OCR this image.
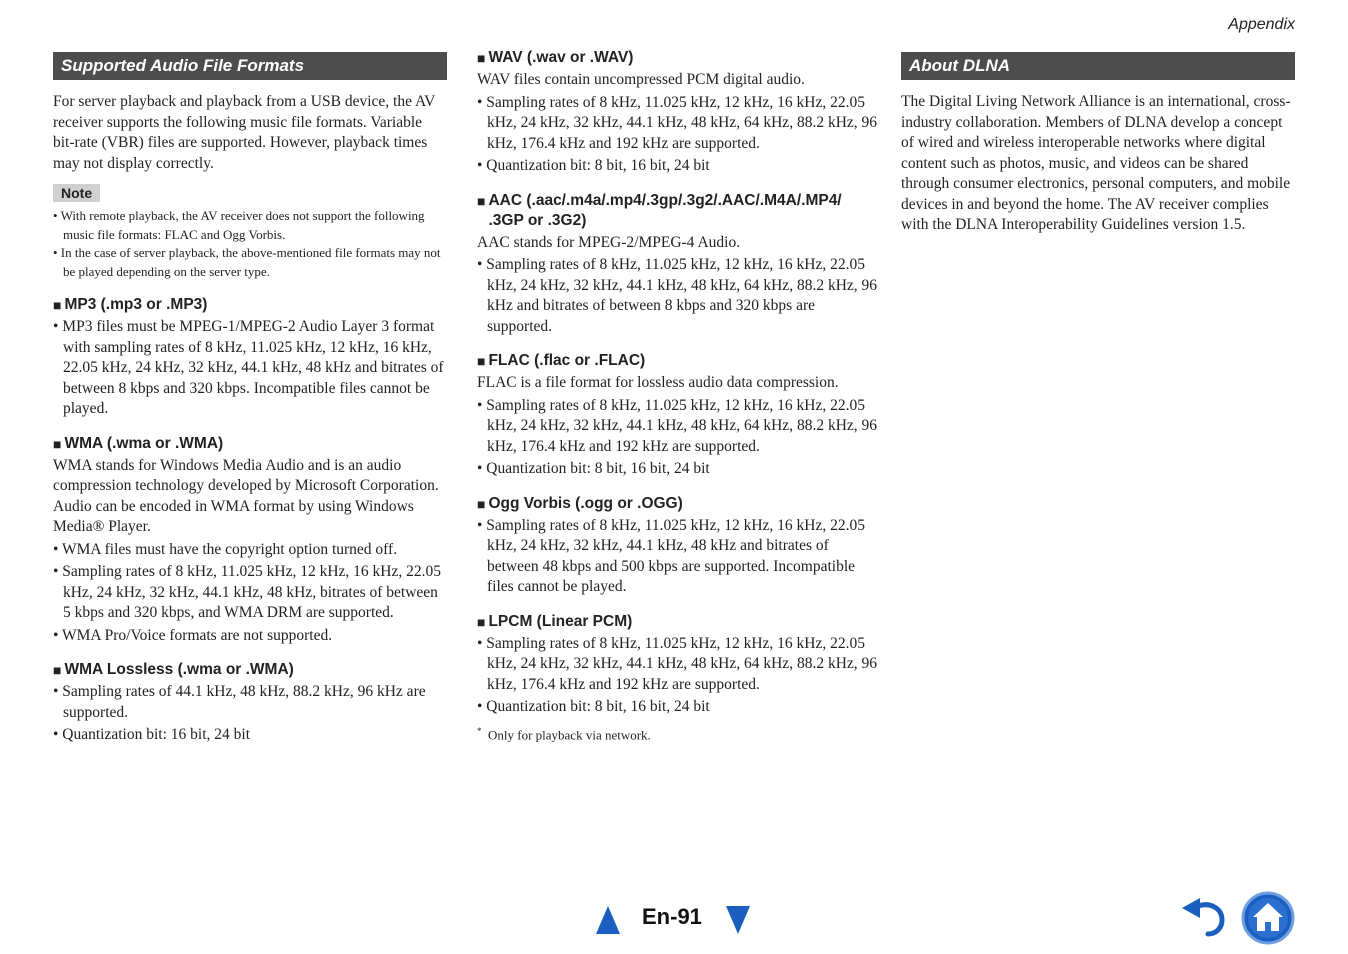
Appendix
Supported Audio File Formats

For server playback and playback from a USB device, the AV receiver supports the following music file formats. Variable bit-rate (VBR) files are supported. However, playback times may not display correctly.

Note
• With remote playback, the AV receiver does not support the following music file formats: FLAC and Ogg Vorbis.
• In the case of server playback, the above-mentioned file formats may not be played depending on the server type.
■ MP3 (.mp3 or .MP3)
• MP3 files must be MPEG-1/MPEG-2 Audio Layer 3 format with sampling rates of 8 kHz, 11.025 kHz, 12 kHz, 16 kHz, 22.05 kHz, 24 kHz, 32 kHz, 44.1 kHz, 48 kHz and bitrates of between 8 kbps and 320 kbps. Incompatible files cannot be played.
■ WMA (.wma or .WMA)

WMA stands for Windows Media Audio and is an audio compression technology developed by Microsoft Corporation. Audio can be encoded in WMA format by using Windows Media® Player.

• WMA files must have the copyright option turned off.
• Sampling rates of 8 kHz, 11.025 kHz, 12 kHz, 16 kHz, 22.05 kHz, 24 kHz, 32 kHz, 44.1 kHz, 48 kHz, bitrates of between 5 kbps and 320 kbps, and WMA DRM are supported.
• WMA Pro/Voice formats are not supported.
■ WMA Lossless (.wma or .WMA)
• Sampling rates of 44.1 kHz, 48 kHz, 88.2 kHz, 96 kHz are supported.
• Quantization bit: 16 bit, 24 bit
■ WAV (.wav or .WAV)

WAV files contain uncompressed PCM digital audio.

• Sampling rates of 8 kHz, 11.025 kHz, 12 kHz, 16 kHz, 22.05 kHz, 24 kHz, 32 kHz, 44.1 kHz, 48 kHz, 64 kHz, 88.2 kHz, 96 kHz, 176.4 kHz and 192 kHz are supported.
• Quantization bit: 8 bit, 16 bit, 24 bit
■ AAC (.aac/.m4a/.mp4/.3gp/.3g2/.AAC/.M4A/.MP4/ .3GP or .3G2)

AAC stands for MPEG-2/MPEG-4 Audio.

• Sampling rates of 8 kHz, 11.025 kHz, 12 kHz, 16 kHz, 22.05 kHz, 24 kHz, 32 kHz, 44.1 kHz, 48 kHz, 64 kHz, 88.2 kHz, 96 kHz and bitrates of between 8 kbps and 320 kbps are supported.
■ FLAC (.flac or .FLAC)

FLAC is a file format for lossless audio data compression.

• Sampling rates of 8 kHz, 11.025 kHz, 12 kHz, 16 kHz, 22.05 kHz, 24 kHz, 32 kHz, 44.1 kHz, 48 kHz, 64 kHz, 88.2 kHz, 96 kHz, 176.4 kHz and 192 kHz are supported.
• Quantization bit: 8 bit, 16 bit, 24 bit
■ Ogg Vorbis (.ogg or .OGG)
• Sampling rates of 8 kHz, 11.025 kHz, 12 kHz, 16 kHz, 22.05 kHz, 24 kHz, 32 kHz, 44.1 kHz, 48 kHz and bitrates of between 48 kbps and 500 kbps are supported. Incompatible files cannot be played.
■ LPCM (Linear PCM)
• Sampling rates of 8 kHz, 11.025 kHz, 12 kHz, 16 kHz, 22.05 kHz, 24 kHz, 32 kHz, 44.1 kHz, 48 kHz, 64 kHz, 88.2 kHz, 96 kHz, 176.4 kHz and 192 kHz are supported.
• Quantization bit: 8 bit, 16 bit, 24 bit
* Only for playback via network.
About DLNA

The Digital Living Network Alliance is an international, cross-industry collaboration. Members of DLNA develop a concept of wired and wireless interoperable networks where digital content such as photos, music, and videos can be shared through consumer electronics, personal computers, and mobile devices in and beyond the home. The AV receiver complies with the DLNA Interoperability Guidelines version 1.5.

En-91
